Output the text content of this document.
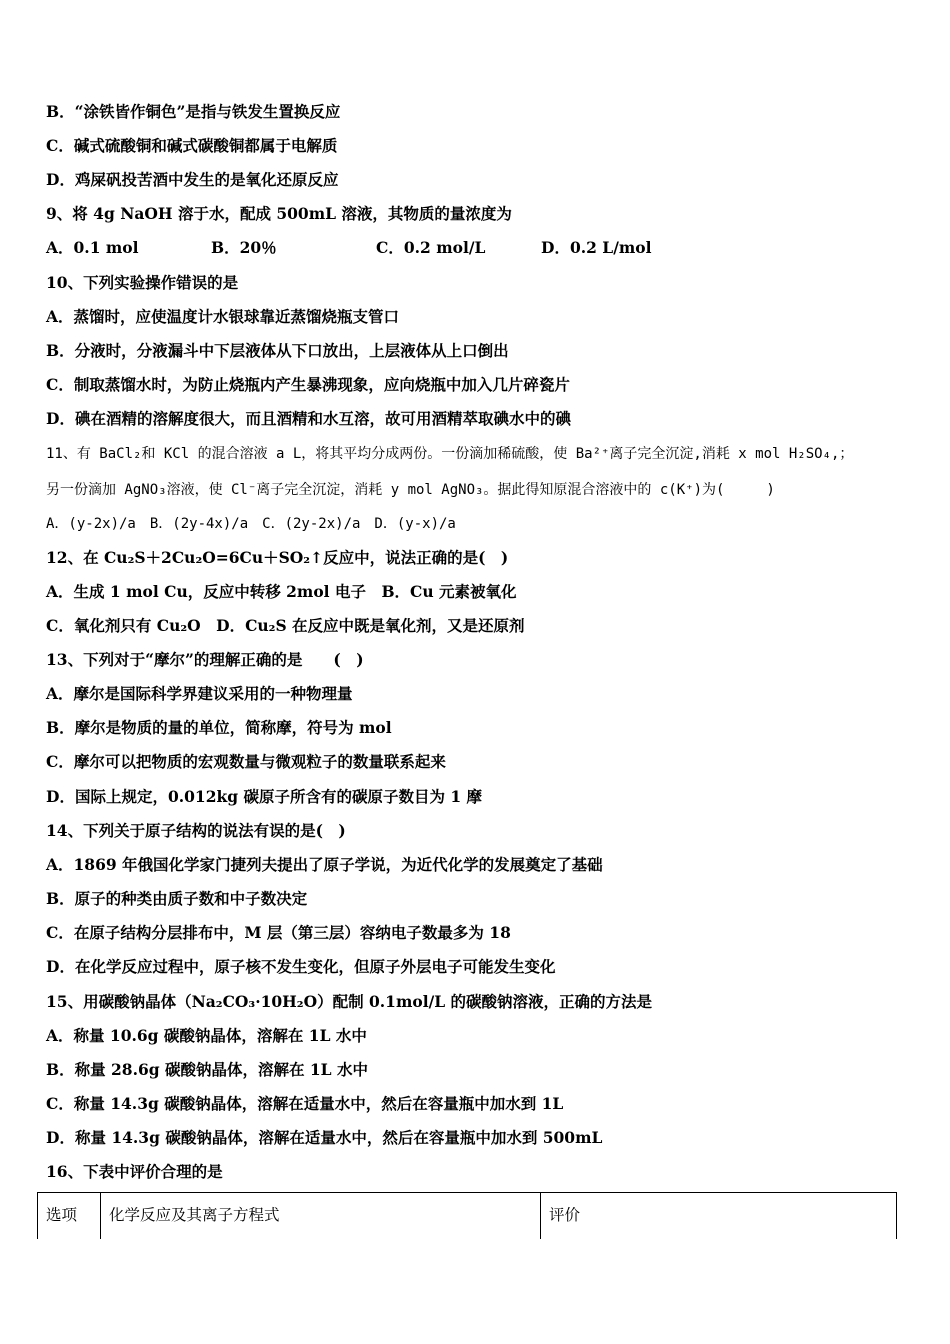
B．“涂铁皆作铜色”是指与铁发生置换反应
C．碱式硫酸铜和碱式碳酸铜都属于电解质
D．鸡屎矾投苦酒中发生的是氧化还原反应
9、将 4g NaOH 溶于水，配成 500mL 溶液，其物质的量浓度为
A．0.1 mol	B．20％	C．0.2 mol/L	D．0.2 L/mol
10、下列实验操作错误的是
A．蒸馏时，应使温度计水银球靠近蒸馏烧瓶支管口
B．分液时，分液漏斗中下层液体从下口放出，上层液体从上口倒出
C．制取蒸馏水时，为防止烧瓶内产生暴沸现象，应向烧瓶中加入几片碎瓷片
D．碘在酒精的溶解度很大，而且酒精和水互溶，故可用酒精萃取碘水中的碘
11、有 BaCl₂和 KCl 的混合溶液 a L，将其平均分成两份。一份滴加稀硫酸，使 Ba²⁺离子完全沉淀,消耗 x mol H₂SO₄,；
另一份滴加 AgNO₃溶液，使 Cl⁻离子完全沉淀，消耗 y mol AgNO₃。据此得知原混合溶液中的 c(K⁺)为(　　　)
A．(y-2x)/a　B．(2y-4x)/a　C．(2y-2x)/a　D．(y-x)/a
12、在 Cu₂S＋2Cu₂O=6Cu＋SO₂↑反应中，说法正确的是(　)
A．生成 1 mol Cu，反应中转移 2mol 电子　B．Cu 元素被氧化
C．氧化剂只有 Cu₂O　D．Cu₂S 在反应中既是氧化剂，又是还原剂
13、下列对于“摩尔”的理解正确的是　　(　)
A．摩尔是国际科学界建议采用的一种物理量
B．摩尔是物质的量的单位，简称摩，符号为 mol
C．摩尔可以把物质的宏观数量与微观粒子的数量联系起来
D．国际上规定，0.012kg 碳原子所含有的碳原子数目为 1 摩
14、下列关于原子结构的说法有误的是(　)
A．1869 年俄国化学家门捷列夫提出了原子学说，为近代化学的发展奠定了基础
B．原子的种类由质子数和中子数决定
C．在原子结构分层排布中，M 层（第三层）容纳电子数最多为 18
D．在化学反应过程中，原子核不发生变化，但原子外层电子可能发生变化
15、用碳酸钠晶体（Na₂CO₃·10H₂O）配制 0.1mol/L 的碳酸钠溶液，正确的方法是
A．称量 10.6g 碳酸钠晶体，溶解在 1L 水中
B．称量 28.6g 碳酸钠晶体，溶解在 1L 水中
C．称量 14.3g 碳酸钠晶体，溶解在适量水中，然后在容量瓶中加水到 1L
D．称量 14.3g 碳酸钠晶体，溶解在适量水中，然后在容量瓶中加水到 500mL
16、下表中评价合理的是
选项	化学反应及其离子方程式	评价
